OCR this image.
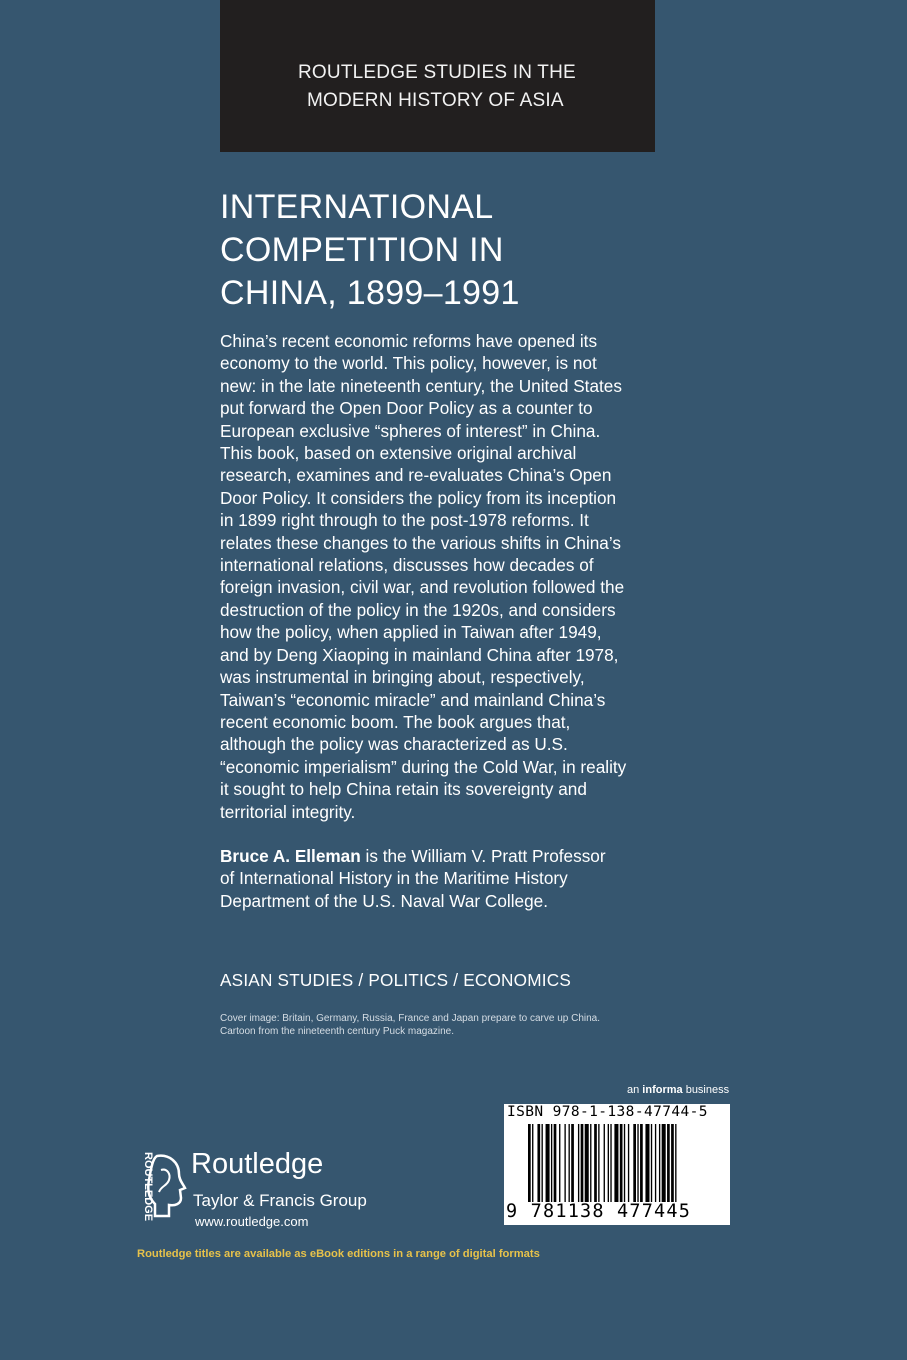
ROUTLEDGE STUDIES IN THE
MODERN HISTORY OF ASIA
INTERNATIONAL
COMPETITION IN
CHINA, 1899–1991
China’s recent economic reforms have opened its
economy to the world. This policy, however, is not
new: in the late nineteenth century, the United States
put forward the Open Door Policy as a counter to
European exclusive “spheres of interest” in China.
This book, based on extensive original archival
research, examines and re-evaluates China’s Open
Door Policy. It considers the policy from its inception
in 1899 right through to the post-1978 reforms. It
relates these changes to the various shifts in China’s
international relations, discusses how decades of
foreign invasion, civil war, and revolution followed the
destruction of the policy in the 1920s, and considers
how the policy, when applied in Taiwan after 1949,
and by Deng Xiaoping in mainland China after 1978,
was instrumental in bringing about, respectively,
Taiwan’s “economic miracle” and mainland China’s
recent economic boom. The book argues that,
although the policy was characterized as U.S.
“economic imperialism” during the Cold War, in reality
it sought to help China retain its sovereignty and
territorial integrity.
Bruce A. Elleman is the William V. Pratt Professor
of International History in the Maritime History
Department of the U.S. Naval War College.
ASIAN STUDIES / POLITICS / ECONOMICS
Cover image: Britain, Germany, Russia, France and Japan prepare to carve up China.
Cartoon from the nineteenth century Puck magazine.
an informa business
ISBN 978-1-138-47744-5
9 781138 477445
ROUTLEDGE Routledge
Taylor & Francis Group
www.routledge.com
Routledge titles are available as eBook editions in a range of digital formats
